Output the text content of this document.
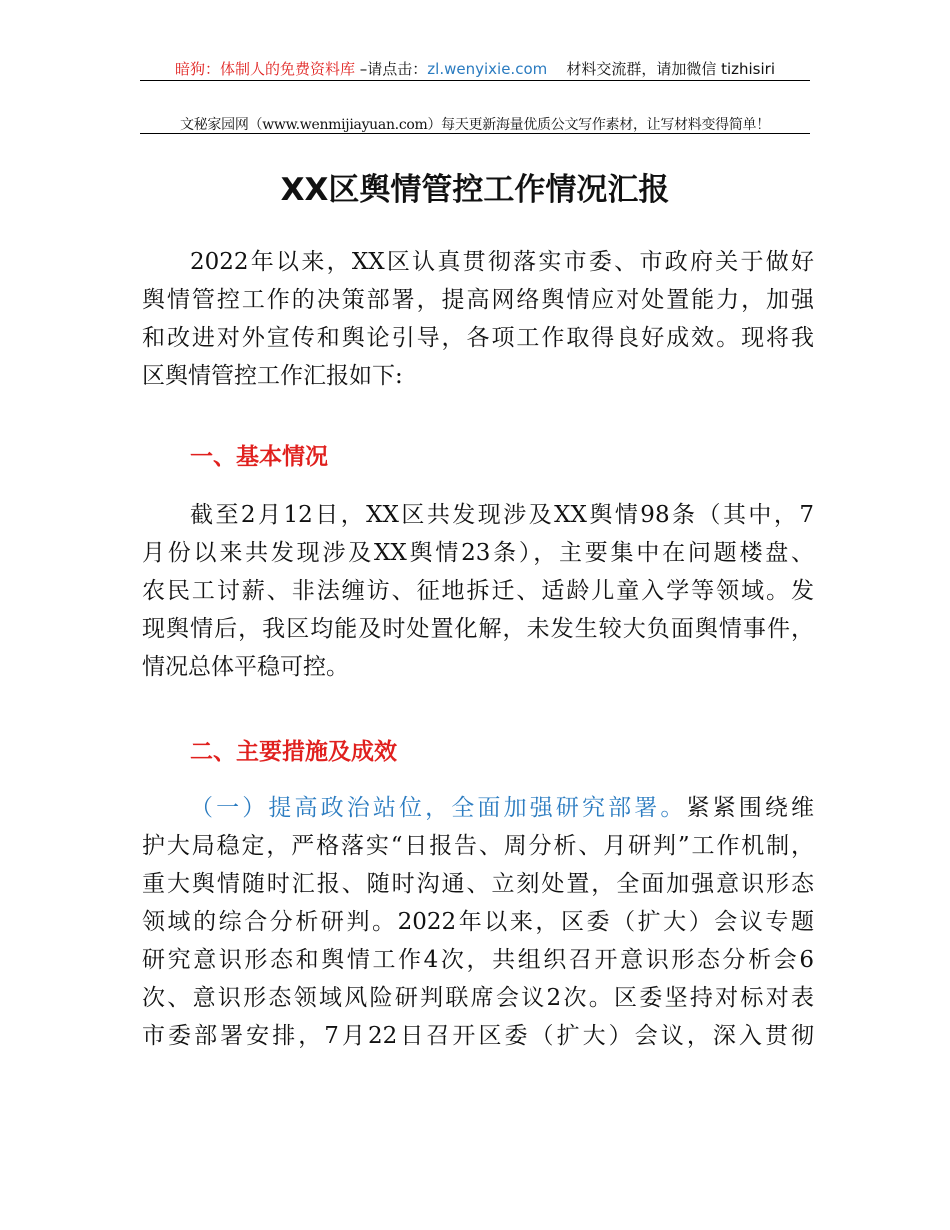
暗狗：体制人的免费资料库 –请点击：zl.wenyixie.com 材料交流群，请加微信 tizhisiri
文秘家园网（www.wenmijiayuan.com）每天更新海量优质公文写作素材，让写材料变得简单！
XX区舆情管控工作情况汇报
2022年以来，XX区认真贯彻落实市委、市政府关于做好
舆情管控工作的决策部署，提高网络舆情应对处置能力，加强
和改进对外宣传和舆论引导，各项工作取得良好成效。现将我
区舆情管控工作汇报如下:
一、基本情况
截至2月12日，XX区共发现涉及XX舆情98条（其中，7
月份以来共发现涉及XX舆情23条），主要集中在问题楼盘、
农民工讨薪、非法缠访、征地拆迁、适龄儿童入学等领域。发
现舆情后，我区均能及时处置化解，未发生较大负面舆情事件，
情况总体平稳可控。
二、主要措施及成效
（一）提高政治站位，全面加强研究部署。紧紧围绕维
护大局稳定，严格落实“日报告、周分析、月研判”工作机制，
重大舆情随时汇报、随时沟通、立刻处置，全面加强意识形态
领域的综合分析研判。2022年以来，区委（扩大）会议专题
研究意识形态和舆情工作4次，共组织召开意识形态分析会6
次、意识形态领域风险研判联席会议2次。区委坚持对标对表
市委部署安排，7月22日召开区委（扩大）会议，深入贯彻
